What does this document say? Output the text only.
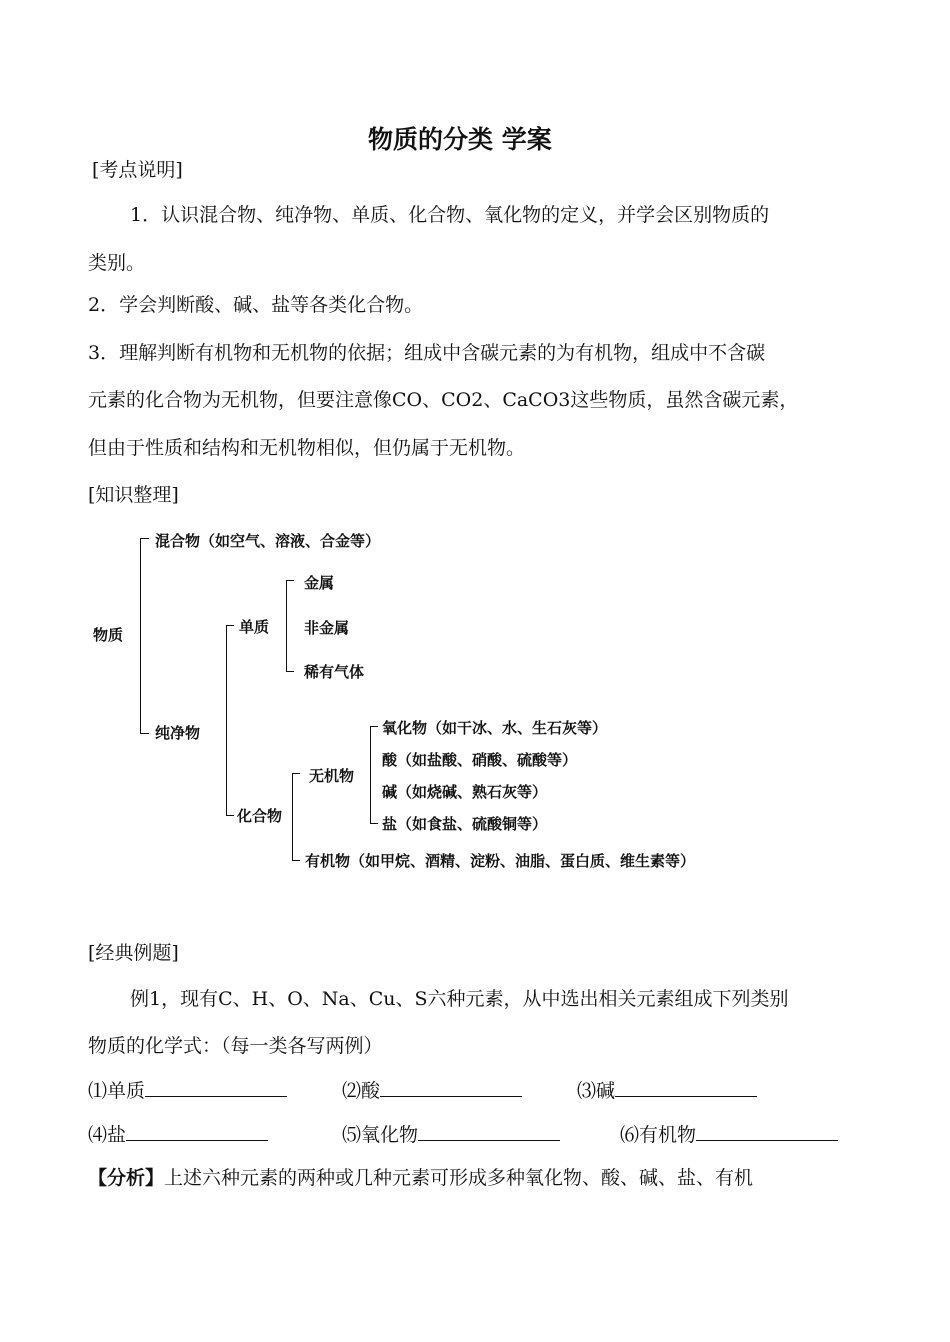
物质的分类 学案
[考点说明]
1．认识混合物、纯净物、单质、化合物、氧化物的定义，并学会区别物质的
类别。
2．学会判断酸、碱、盐等各类化合物。
3．理解判断有机物和无机物的依据；组成中含碳元素的为有机物，组成中不含碳
元素的化合物为无机物，但要注意像CO、CO2、CaCO3这些物质，虽然含碳元素，
但由于性质和结构和无机物相似，但仍属于无机物。
[知识整理]
物质
混合物（如空气、溶液、合金等）
纯净物
单质
化合物
金属
非金属
稀有气体
无机物
有机物（如甲烷、酒精、淀粉、油脂、蛋白质、维生素等）
氧化物（如干冰、水、生石灰等）
酸（如盐酸、硝酸、硫酸等）
碱（如烧碱、熟石灰等）
盐（如食盐、硫酸铜等）
[经典例题]
例1，现有C、H、O、Na、Cu、S六种元素，从中选出相关元素组成下列类别
物质的化学式：（每一类各写两例）
⑴单质	⑵酸	⑶碱
⑷盐	⑸氧化物	⑹有机物
【分析】上述六种元素的两种或几种元素可形成多种氧化物、酸、碱、盐、有机
